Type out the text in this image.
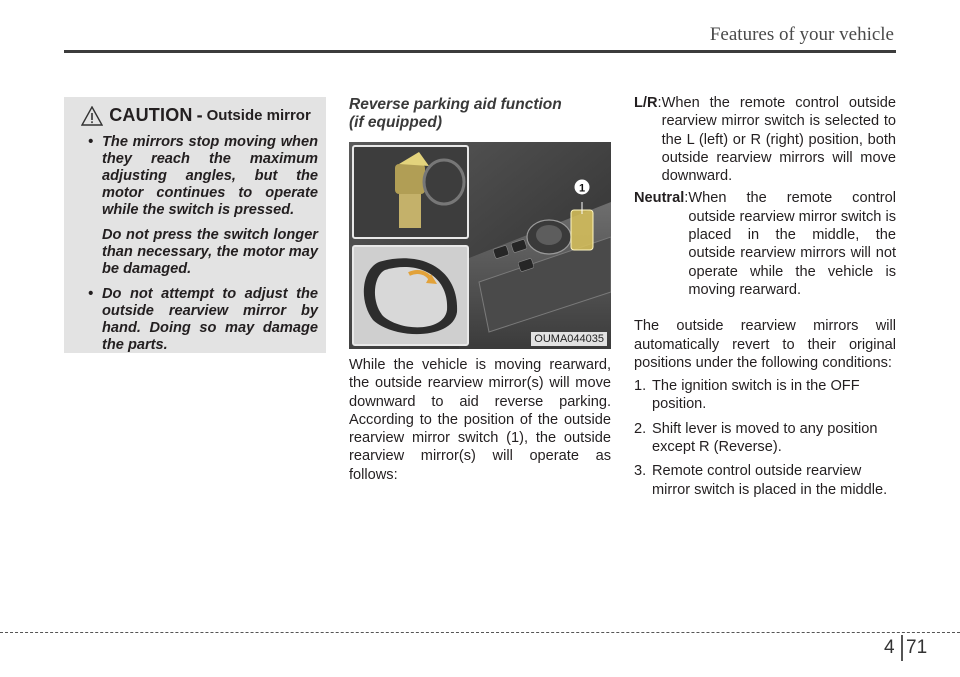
Features of your vehicle
CAUTION - Outside mirror
• The mirrors stop moving when they reach the maximum adjusting angles, but the motor continues to operate while the switch is pressed.

Do not press the switch longer than necessary, the motor may be damaged.

• Do not attempt to adjust the outside rearview mirror by hand. Doing so may damage the parts.
Reverse parking aid function
(if equipped)
1
OUMA044035

While the vehicle is moving rearward, the outside rearview mirror(s) will move downward to aid reverse parking. According to the position of the outside rearview mirror switch (1), the outside rearview mirror(s) will operate as follows:

L/R : When the remote control outside rearview mirror switch is selected to the L (left) or R (right) position, both outside rearview mirrors will move downward.
Neutral : When the remote control outside rearview mirror switch is placed in the middle, the outside rearview mirrors will not operate while the vehicle is moving rearward.

The outside rearview mirrors will automatically revert to their original positions under the following conditions:

1. The ignition switch is in the OFF position.
2. Shift lever is moved to any position except R (Reverse).
3. Remote control outside rearview mirror switch is placed in the middle.
4 71
